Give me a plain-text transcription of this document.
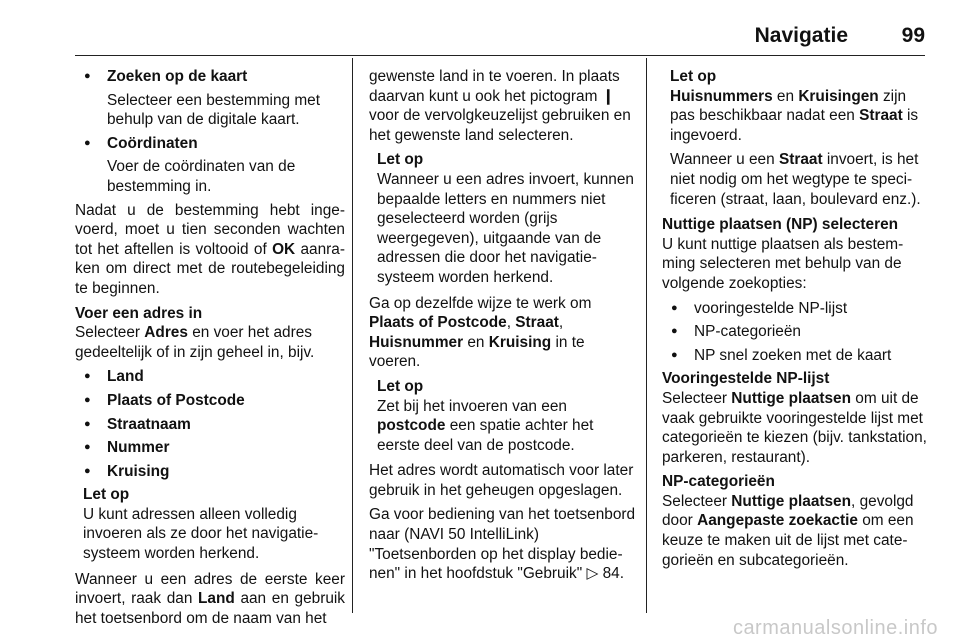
Navigatie	99
● Zoeken op de kaart
Selecteer een bestemming met behulp van de digitale kaart.
● Coördinaten
Voer de coördinaten van de bestemming in.

Nadat u de bestemming hebt ingevoerd, moet u tien seconden wachten tot het aftellen is voltooid of OK aanraken om direct met de routebegeleiding te beginnen.

Voer een adres in

Selecteer Adres en voer het adres gedeeltelijk of in zijn geheel in, bijv.

● Land
● Plaats of Postcode
● Straatnaam
● Nummer
● Kruising
Let op
U kunt adressen alleen volledig invoeren als ze door het navigatiesysteem worden herkend.

Wanneer u een adres de eerste keer invoert, raak dan Land aan en gebruik het toetsenbord om de naam van het

gewenste land in te voeren. In plaats daarvan kunt u ook het pictogram ❙ voor de vervolgkeuzelijst gebruiken en het gewenste land selecteren.

Let op
Wanneer u een adres invoert, kunnen bepaalde letters en nummers niet geselecteerd worden (grijs weergegeven), uitgaande van de adressen die door het navigatiesysteem worden herkend.

Ga op dezelfde wijze te werk om Plaats of Postcode, Straat, Huisnummer en Kruising in te voeren.

Let op
Zet bij het invoeren van een postcode een spatie achter het eerste deel van de postcode.

Het adres wordt automatisch voor later gebruik in het geheugen opgeslagen.

Ga voor bediening van het toetsenbord naar (NAVI 50 IntelliLink) "Toetsenborden op het display bedienen" in het hoofdstuk "Gebruik" ▷ 84.

Let op

Huisnummers en Kruisingen zijn pas beschikbaar nadat een Straat is ingevoerd.

Wanneer u een Straat invoert, is het niet nodig om het wegtype te specificeren (straat, laan, boulevard enz.).
Nuttige plaatsen (NP) selecteren

U kunt nuttige plaatsen als bestemming selecteren met behulp van de volgende zoekopties:

● vooringestelde NP-lijst
● NP-categorieën
● NP snel zoeken met de kaart
Vooringestelde NP-lijst

Selecteer Nuttige plaatsen om uit de vaak gebruikte vooringestelde lijst met categorieën te kiezen (bijv. tankstation, parkeren, restaurant).

NP-categorieën

Selecteer Nuttige plaatsen, gevolgd door Aangepaste zoekactie om een keuze te maken uit de lijst met categorieën en subcategorieën.

carmanualsonline.info
